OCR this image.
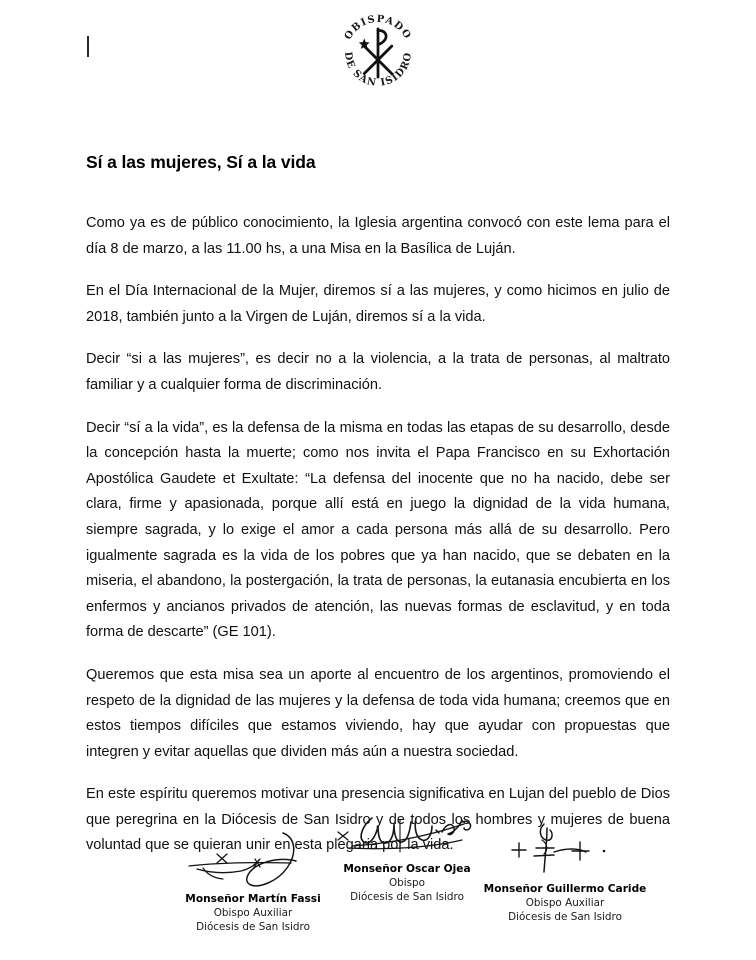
OBISPADO
DE SAN ISIDRO
Sí a las mujeres, Sí a la vida

Como ya es de público conocimiento, la Iglesia argentina convocó con este lema para el día 8 de marzo, a las 11.00 hs, a una Misa en la Basílica de Luján.

En el Día Internacional de la Mujer, diremos sí a las mujeres, y como hicimos en julio de 2018, también junto a la Virgen de Luján, diremos sí a la vida.

Decir “si a las mujeres”, es decir no a la violencia, a la trata de personas, al maltrato familiar y a cualquier forma de discriminación.

Decir “sí a la vida”, es la defensa de la misma en todas las etapas de su desarrollo, desde la concepción hasta la muerte; como nos invita el Papa Francisco en su Exhortación Apostólica Gaudete et Exultate: “La defensa del inocente que no ha nacido, debe ser clara, firme y apasionada, porque allí está en juego la dignidad de la vida humana, siempre sagrada, y lo exige el amor a cada persona más allá de su desarrollo. Pero igualmente sagrada es la vida de los pobres que ya han nacido, que se debaten en la miseria, el abandono, la postergación, la trata de personas, la eutanasia encubierta en los enfermos y ancianos privados de atención, las nuevas formas de esclavitud, y en toda forma de descarte” (GE 101).

Queremos que esta misa sea un aporte al encuentro de los argentinos, promoviendo el respeto de la dignidad de las mujeres y la defensa de toda vida humana; creemos que en estos tiempos difíciles que estamos viviendo, hay que ayudar con propuestas que integren y evitar aquellas que dividen más aún a nuestra sociedad.

En este espíritu queremos motivar una presencia significativa en Lujan del pueblo de Dios que peregrina en la Diócesis de San Isidro y de todos los hombres y mujeres de buena voluntad que se quieran unir en esta plegaria por la vida.

Monseñor Martín Fassi
Obispo Auxiliar
Diócesis de San Isidro
Monseñor Oscar Ojea
Obispo
Diócesis de San Isidro
Monseñor Guillermo Caride
Obispo Auxiliar
Diócesis de San Isidro
